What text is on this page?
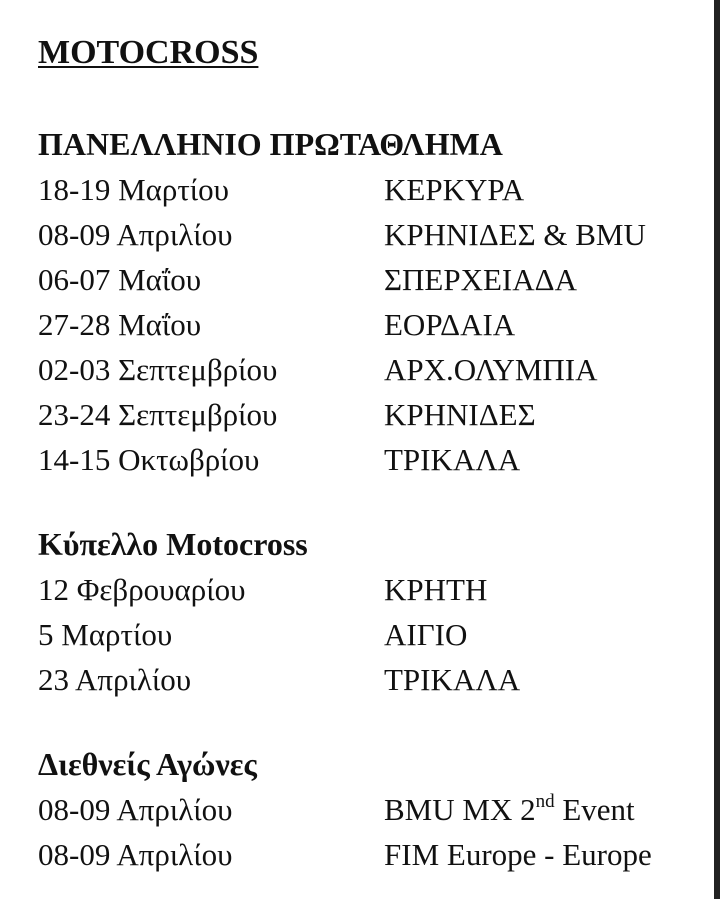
MOTOCROSS
ΠΑΝΕΛΛΗΝΙΟ ΠΡΩΤΑΘΛΗΜΑ
18-19 Μαρτίου	ΚΕΡΚΥΡΑ
08-09 Απριλίου	ΚΡΗΝΙΔΕΣ & BMU
06-07 Μαΐου	ΣΠΕΡΧΕΙΑΔΑ
27-28 Μαΐου	ΕΟΡΔΑΙΑ
02-03 Σεπτεμβρίου	ΑΡΧ.ΟΛΥΜΠΙΑ
23-24 Σεπτεμβρίου	ΚΡΗΝΙΔΕΣ
14-15 Οκτωβρίου	ΤΡΙΚΑΛΑ
Κύπελλο Motocross
12 Φεβρουαρίου	ΚΡΗΤΗ
5 Μαρτίου	ΑΙΓΙΟ
23 Απριλίου	ΤΡΙΚΑΛΑ
Διεθνείς Αγώνες
08-09 Απριλίου	BMU MX 2nd Event
08-09 Απριλίου	FIM Europe - Europe
